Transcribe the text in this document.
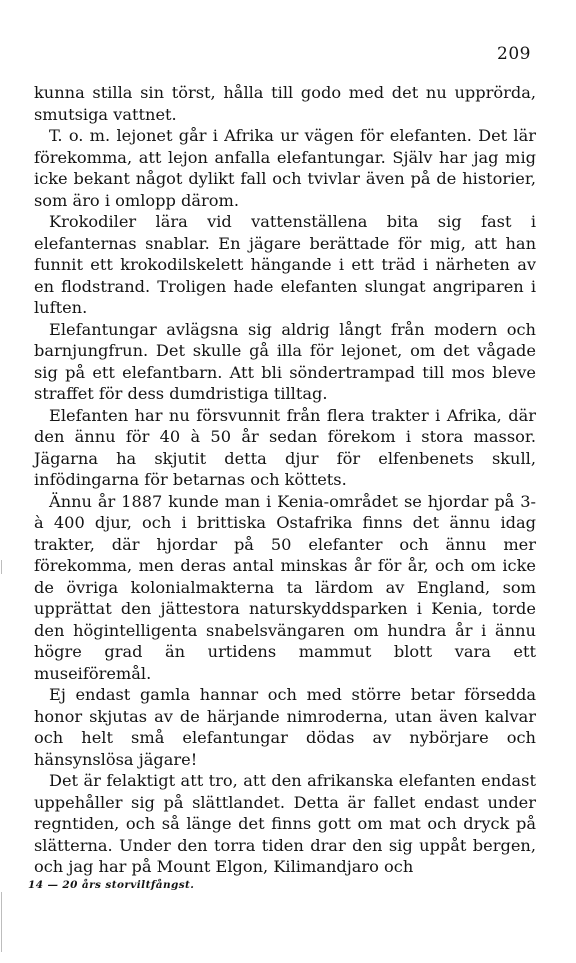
209

kunna stilla sin törst, hålla till godo med det nu upprörda, smutsiga vattnet.

T. o. m. lejonet går i Afrika ur vägen för elefanten. Det lär förekomma, att lejon anfalla elefantungar. Själv har jag mig icke bekant något dylikt fall och tvivlar även på de historier, som äro i omlopp därom.

Krokodiler lära vid vattenställena bita sig fast i elefanternas snablar. En jägare berättade för mig, att han funnit ett krokodilskelett hängande i ett träd i närheten av en flodstrand. Troligen hade elefanten slungat angriparen i luften.

Elefantungar avlägsna sig aldrig långt från modern och barnjungfrun. Det skulle gå illa för lejonet, om det vågade sig på ett elefantbarn. Att bli söndertrampad till mos bleve straffet för dess dumdristiga tilltag.

Elefanten har nu försvunnit från flera trakter i Afrika, där den ännu för 40 à 50 år sedan förekom i stora massor. Jägarna ha skjutit detta djur för elfenbenets skull, infödingarna för betarnas och köttets.

Ännu år 1887 kunde man i Kenia-området se hjordar på 3- à 400 djur, och i brittiska Ostafrika finns det ännu idag trakter, där hjordar på 50 elefanter och ännu mer förekomma, men deras antal minskas år för år, och om icke de övriga kolonialmakterna ta lärdom av England, som upprättat den jättestora naturskyddsparken i Kenia, torde den högintelligenta snabelsvängaren om hundra år i ännu högre grad än urtidens mammut blott vara ett museiföremål.

Ej endast gamla hannar och med större betar försedda honor skjutas av de härjande nimroderna, utan även kalvar och helt små elefantungar dödas av nybörjare och hänsynslösa jägare!

Det är felaktigt att tro, att den afrikanska elefanten endast uppehåller sig på slättlandet. Detta är fallet endast under regntiden, och så länge det finns gott om mat och dryck på slätterna. Under den torra tiden drar den sig uppåt bergen, och jag har på Mount Elgon, Kilimandjaro och

14 — 20 års storviltfångst.
